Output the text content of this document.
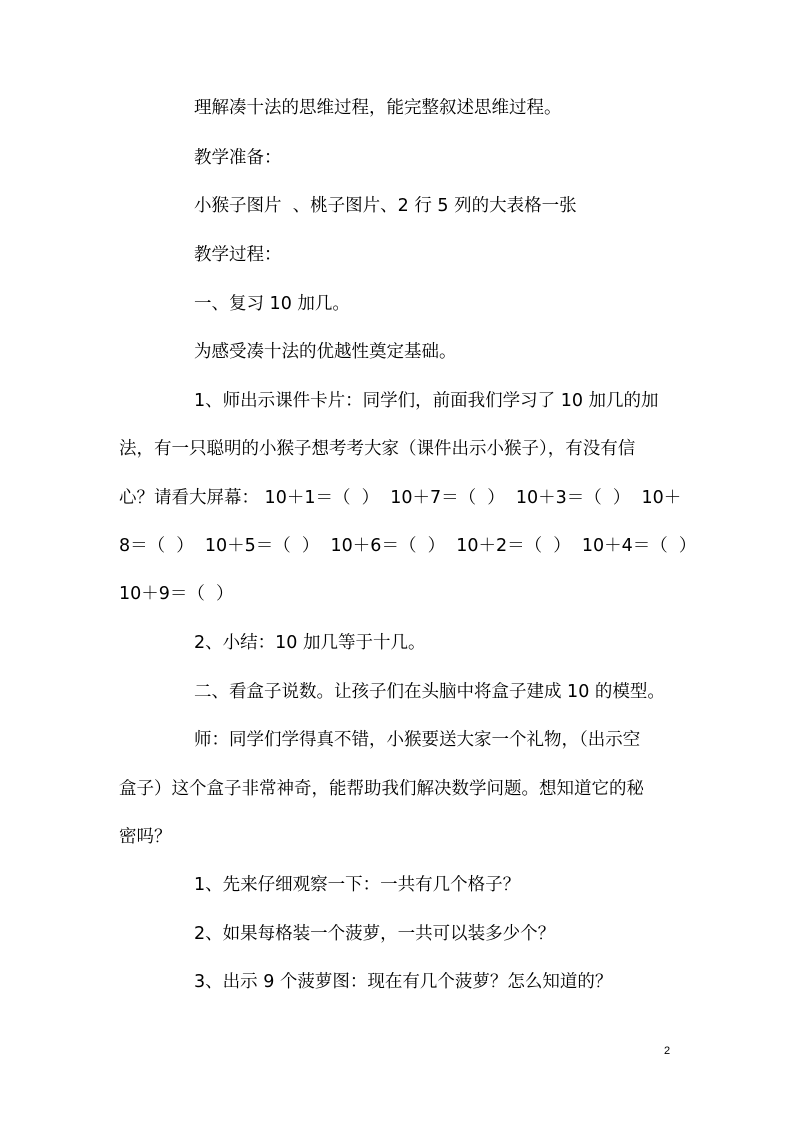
理解凑十法的思维过程，能完整叙述思维过程。

教学准备：

小猴子图片  、桃子图片、2 行 5 列的大表格一张

教学过程：

一、复习 10 加几。

为感受凑十法的优越性奠定基础。

1、师出示课件卡片：同学们，前面我们学习了 10 加几的加

法，有一只聪明的小猴子想考考大家（课件出示小猴子），有没有信

心？请看大屏幕： 10＋1＝（  ）  10＋7＝（  ）  10＋3＝（  ）  10＋

8＝（  ）  10＋5＝（  ）  10＋6＝（  ）  10＋2＝（  ）  10＋4＝（  ）

10＋9＝（  ）

2、小结：10 加几等于十几。

二、看盒子说数。让孩子们在头脑中将盒子建成 10 的模型。

师：同学们学得真不错，小猴要送大家一个礼物，（出示空

盒子）这个盒子非常神奇，能帮助我们解决数学问题。想知道它的秘

密吗？

1、先来仔细观察一下：一共有几个格子？

2、如果每格装一个菠萝，一共可以装多少个？

3、出示 9 个菠萝图：现在有几个菠萝？怎么知道的？

2
